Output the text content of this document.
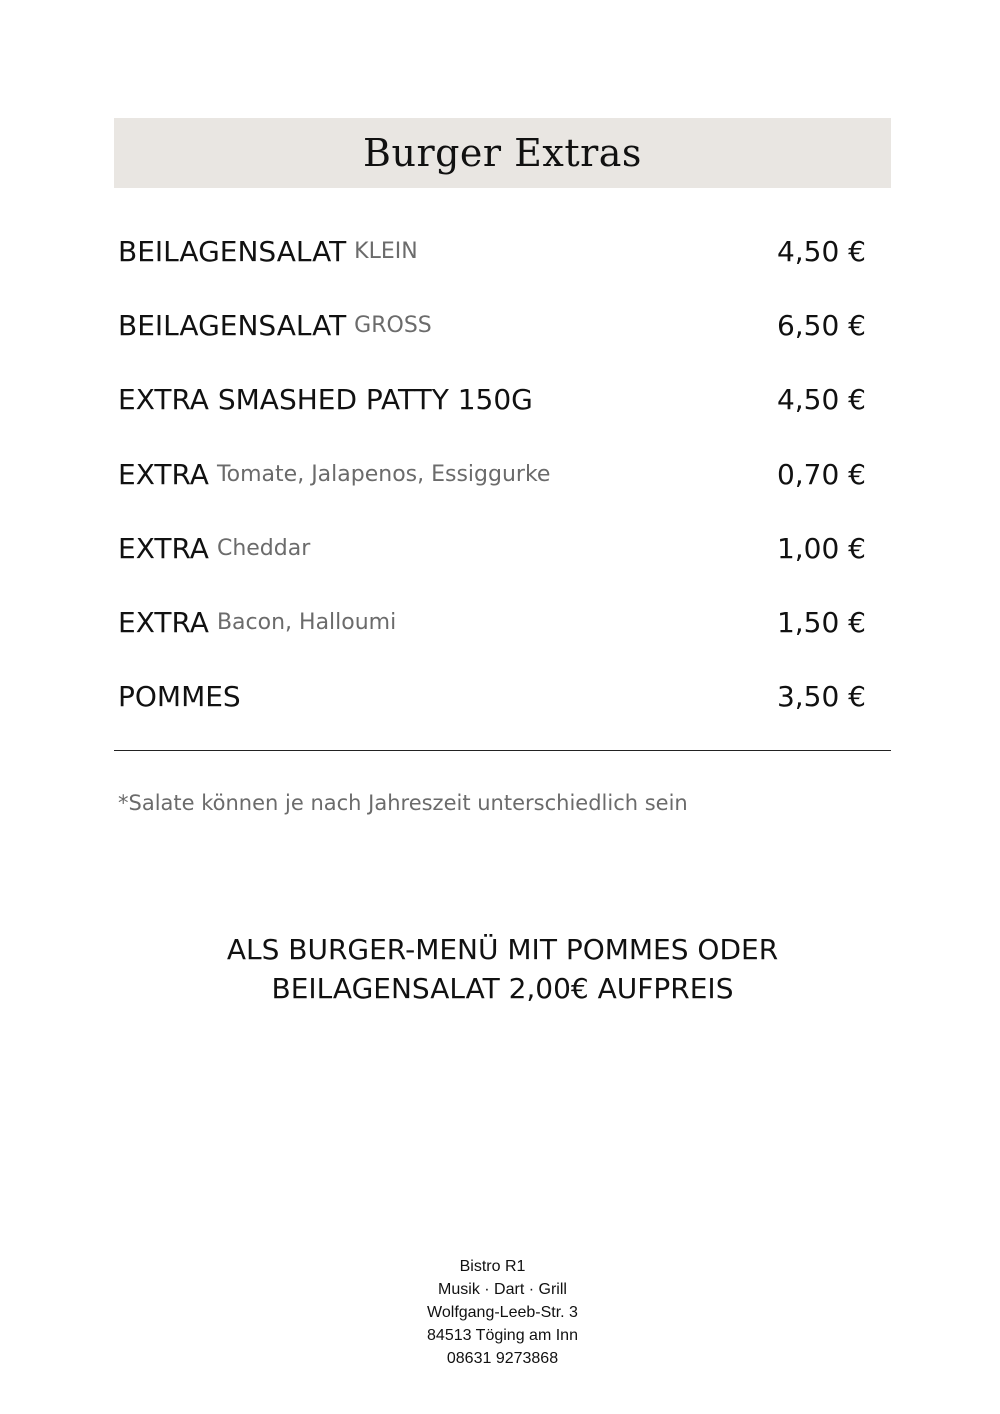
Burger Extras
BEILAGENSALAT KLEIN	4,50 €
BEILAGENSALAT GROSS	6,50 €
EXTRA SMASHED PATTY 150G	4,50 €
EXTRA Tomate, Jalapenos, Essiggurke	0,70 €
EXTRA Cheddar	1,00 €
EXTRA Bacon, Halloumi	1,50 €
POMMES	3,50 €
*Salate können je nach Jahreszeit unterschiedlich sein
ALS BURGER-MENÜ MIT POMMES ODER
BEILAGENSALAT 2,00€ AUFPREIS
Bistro R1
Musik · Dart · Grill
Wolfgang-Leeb-Str. 3
84513 Töging am Inn
08631 9273868
